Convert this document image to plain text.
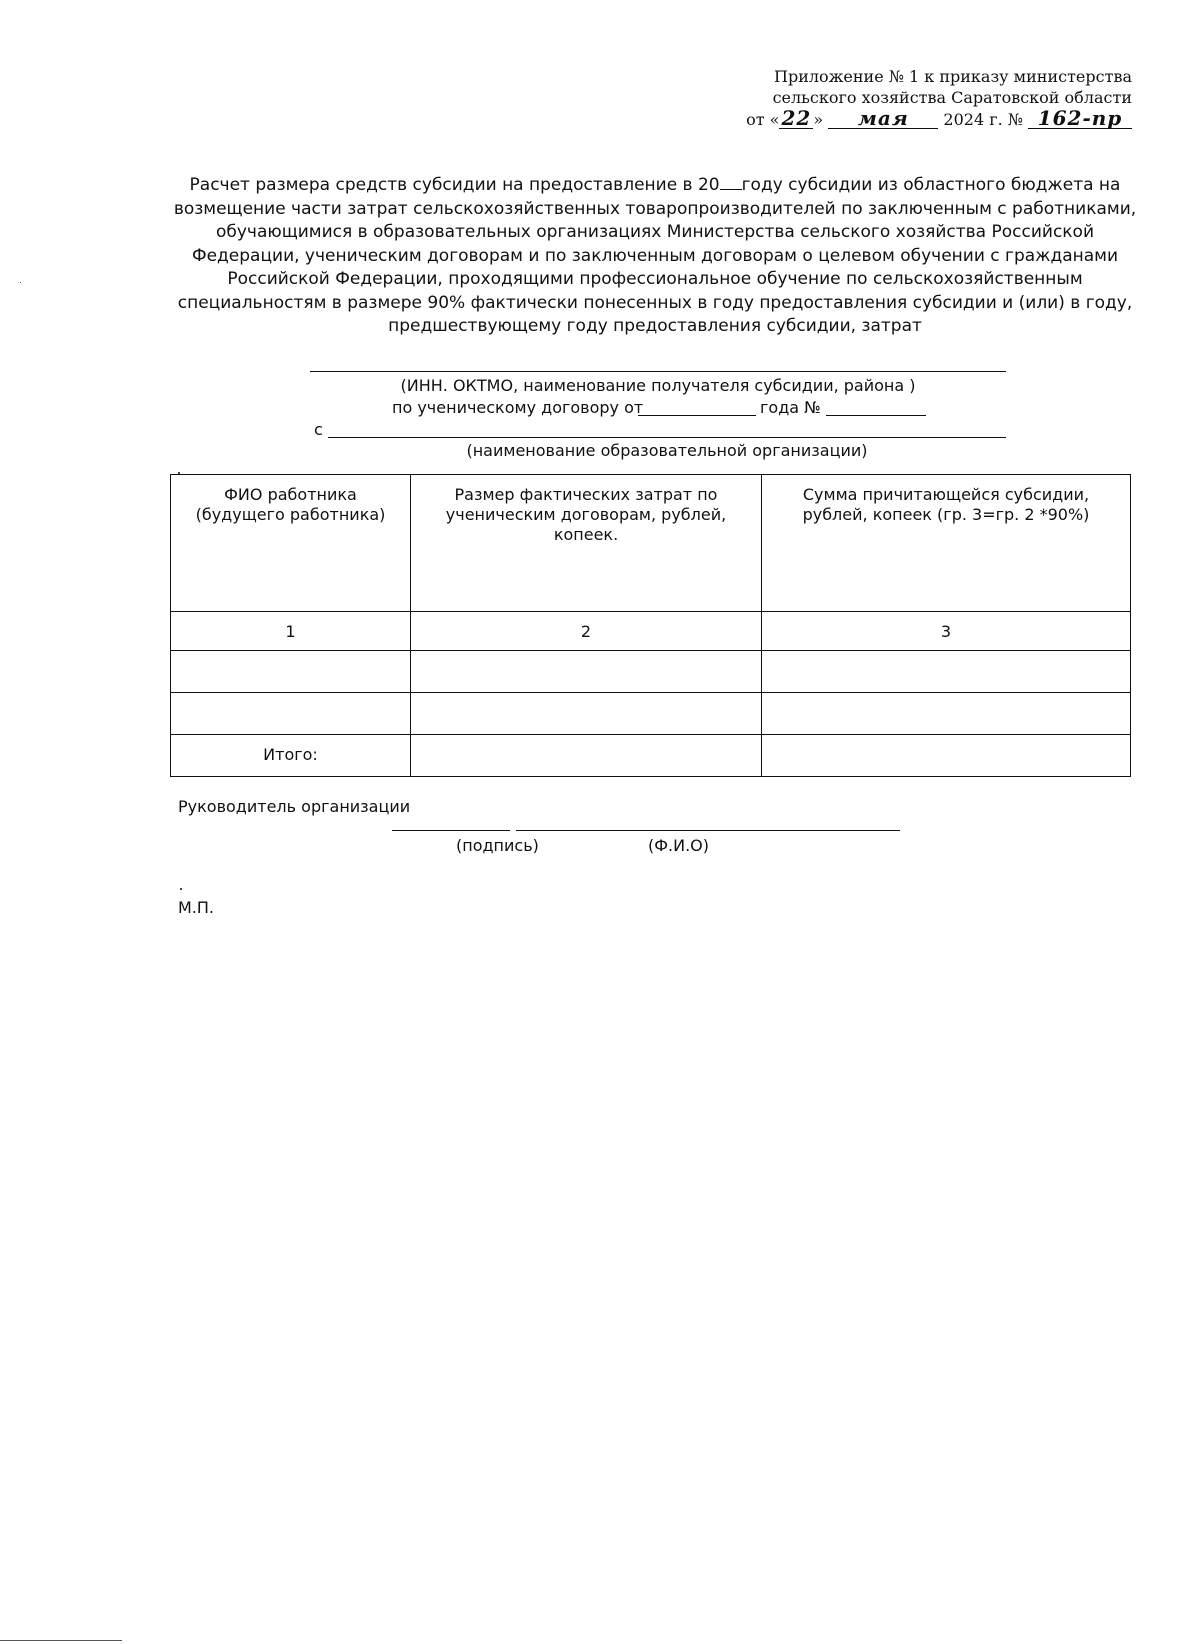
Приложение № 1 к приказу министерства
сельского хозяйства Саратовской области
от « 22 » мая 2024 г. № 162-пр
Расчет размера средств субсидии на предоставление в 20 году субсидии из областного бюджета на возмещение части затрат сельскохозяйственных товаропроизводителей по заключенным с работниками, обучающимися в образовательных организациях Министерства сельского хозяйства Российской Федерации, ученическим договорам и по заключенным договорам о целевом обучении с гражданами Российской Федерации, проходящими профессиональное обучение по сельскохозяйственным специальностям в размере 90% фактически понесенных в году предоставления субсидии и (или) в году, предшествующему году предоставления субсидии, затрат
(ИНН. ОКТМО, наименование получателя субсидии, района )
по ученическому договору от	года №
с
(наименование образовательной организации)
ФИО работника (будущего работника)	Размер фактических затрат по ученическим договорам, рублей, копеек.	Сумма причитающейся субсидии, рублей, копеек (гр. 3=гр. 2 *90%)
1	2	3

Итого:		
Руководитель организации
(подпись)	(Ф.И.О)
М.П.
